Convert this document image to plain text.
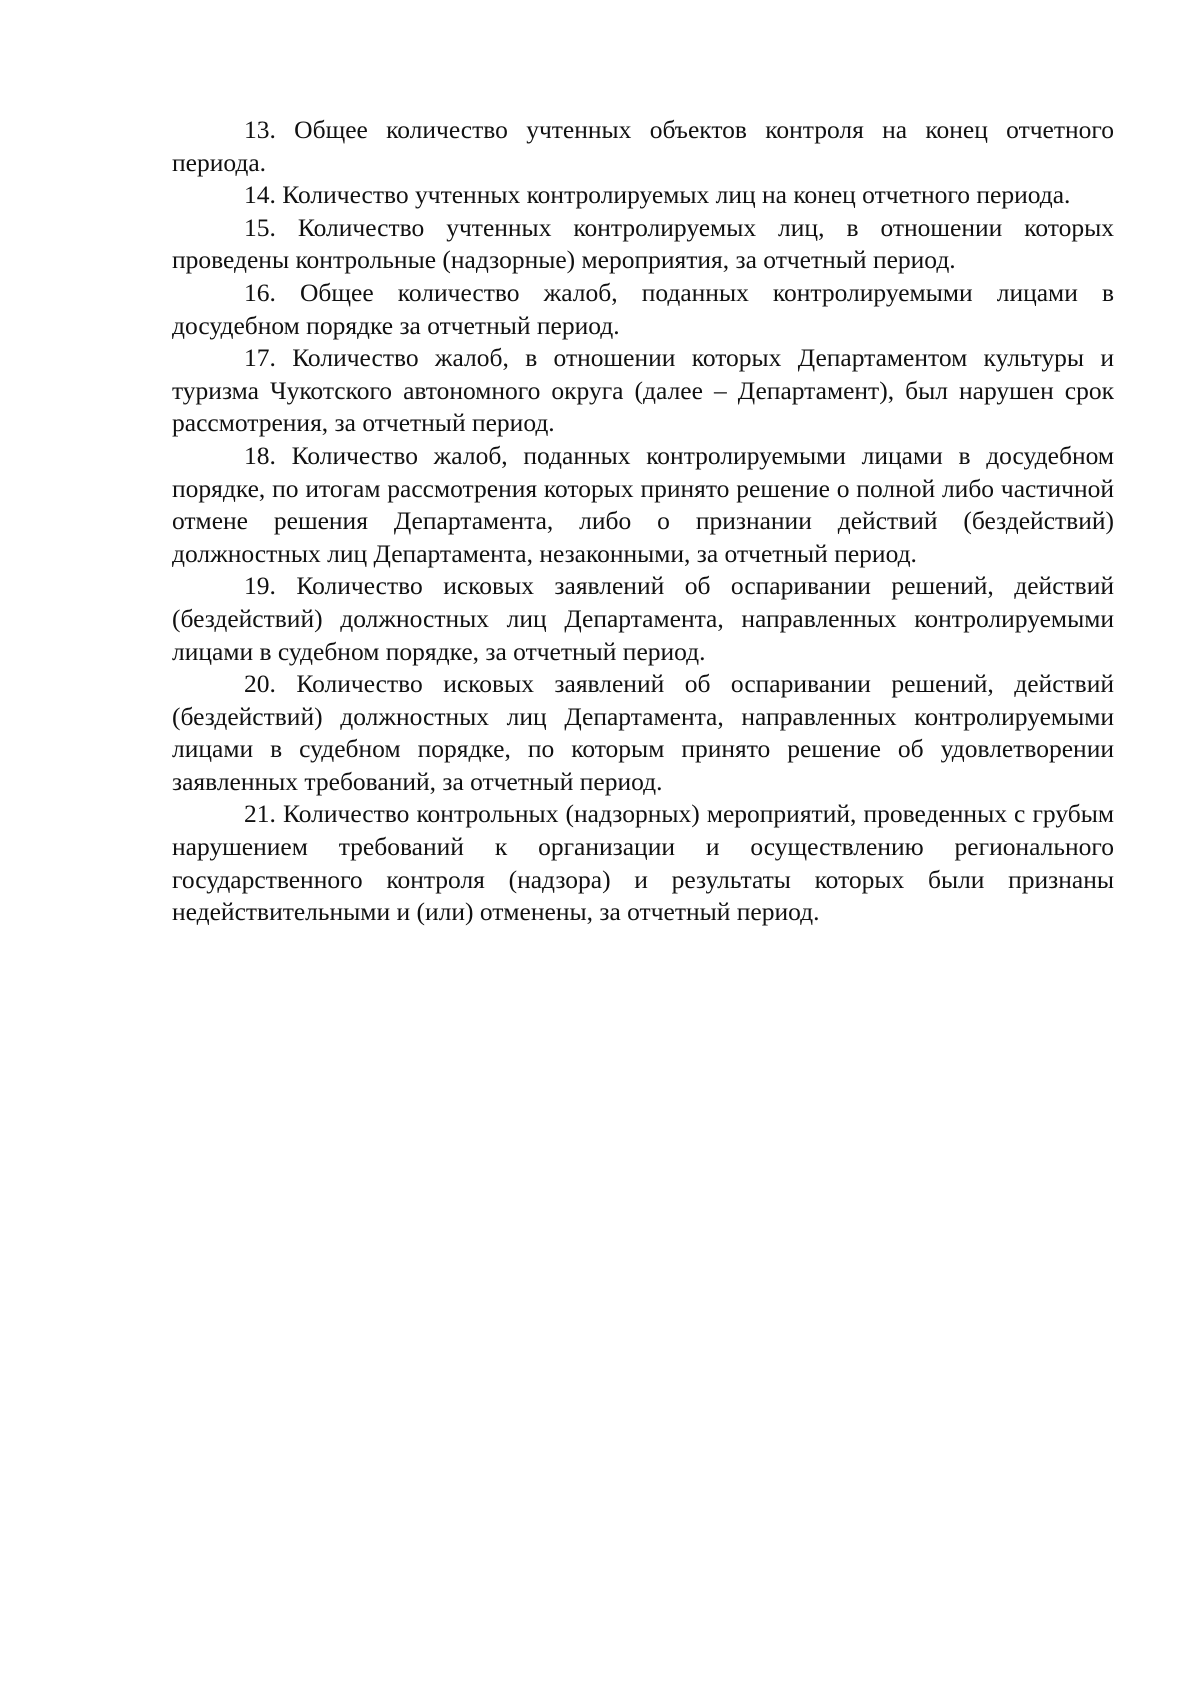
13. Общее количество учтенных объектов контроля на конец отчетного периода.

14. Количество учтенных контролируемых лиц на конец отчетного периода.

15. Количество учтенных контролируемых лиц, в отношении которых проведены контрольные (надзорные) мероприятия, за отчетный период.

16. Общее количество жалоб, поданных контролируемыми лицами в досудебном порядке за отчетный период.

17. Количество жалоб, в отношении которых Департаментом культуры и туризма Чукотского автономного округа (далее – Департамент), был нарушен срок рассмотрения, за отчетный период.

18. Количество жалоб, поданных контролируемыми лицами в досудебном порядке, по итогам рассмотрения которых принято решение о полной либо частичной отмене решения Департамента, либо о признании действий (бездействий) должностных лиц Департамента, незаконными, за отчетный период.

19. Количество исковых заявлений об оспаривании решений, действий (бездействий) должностных лиц Департамента, направленных контролируемыми лицами в судебном порядке, за отчетный период.

20. Количество исковых заявлений об оспаривании решений, действий (бездействий) должностных лиц Департамента, направленных контролируемыми лицами в судебном порядке, по которым принято решение об удовлетворении заявленных требований, за отчетный период.

21. Количество контрольных (надзорных) мероприятий, проведенных с грубым нарушением требований к организации и осуществлению регионального государственного контроля (надзора) и результаты которых были признаны недействительными и (или) отменены, за отчетный период.
